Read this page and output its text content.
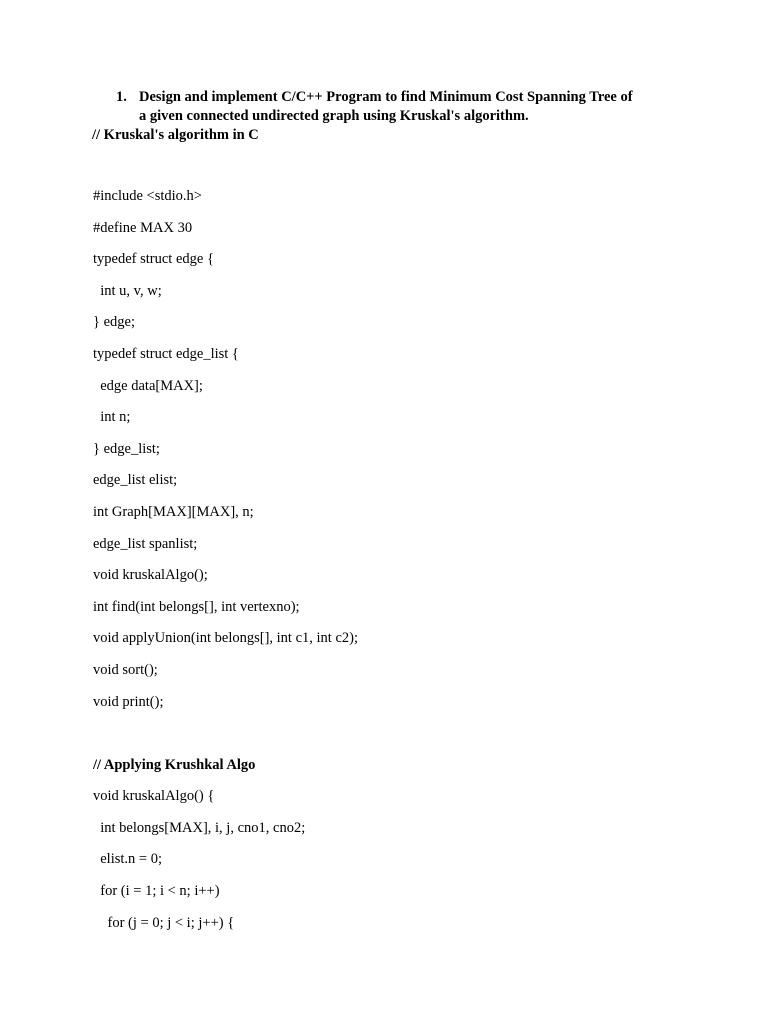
1. Design and implement C/C++ Program to find Minimum Cost Spanning Tree of
a given connected undirected graph using Kruskal's algorithm.
// Kruskal's algorithm in C
#include <stdio.h>
#define MAX 30
typedef struct edge {
int u, v, w;
} edge;
typedef struct edge_list {
edge data[MAX];
int n;
} edge_list;
edge_list elist;
int Graph[MAX][MAX], n;
edge_list spanlist;
void kruskalAlgo();
int find(int belongs[], int vertexno);
void applyUnion(int belongs[], int c1, int c2);
void sort();
void print();
// Applying Krushkal Algo
void kruskalAlgo() {
int belongs[MAX], i, j, cno1, cno2;
elist.n = 0;
for (i = 1; i < n; i++)
for (j = 0; j < i; j++) {
